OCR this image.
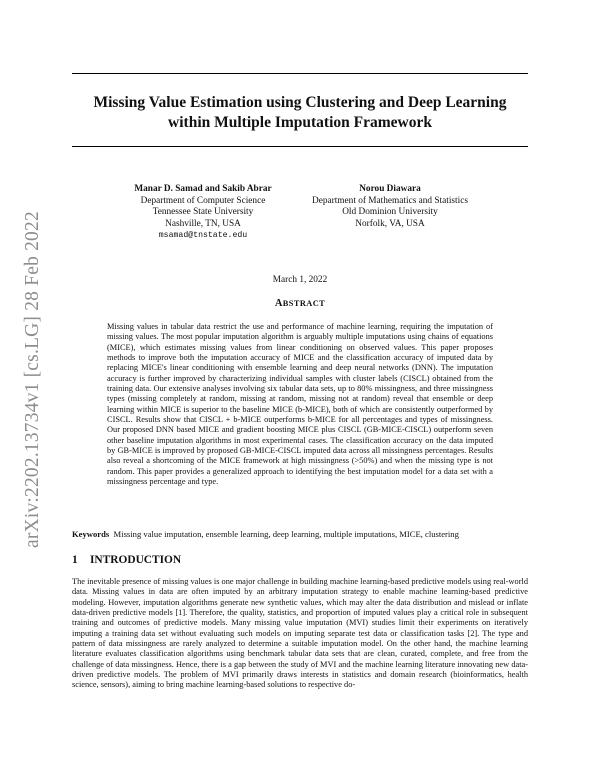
Missing Value Estimation using Clustering and Deep Learning
within Multiple Imputation Framework
arXiv:2202.13734v1 [cs.LG] 28 Feb 2022
Manar D. Samad and Sakib Abrar
Department of Computer Science
Tennessee State University
Nashville, TN, USA
msamad@tnstate.edu
Norou Diawara
Department of Mathematics and Statistics
Old Dominion University
Norfolk, VA, USA
March 1, 2022
ABSTRACT
Missing values in tabular data restrict the use and performance of machine learning, requiring the imputation of missing values. The most popular imputation algorithm is arguably multiple imputations using chains of equations (MICE), which estimates missing values from linear conditioning on observed values. This paper proposes methods to improve both the imputation accuracy of MICE and the classification accuracy of imputed data by replacing MICE's linear conditioning with ensemble learning and deep neural networks (DNN). The imputation accuracy is further improved by characterizing individual samples with cluster labels (CISCL) obtained from the training data. Our extensive analyses involving six tabular data sets, up to 80% missingness, and three missingness types (missing completely at random, missing at random, missing not at random) reveal that ensemble or deep learning within MICE is superior to the baseline MICE (b-MICE), both of which are consistently outperformed by CISCL. Results show that CISCL + b-MICE outperforms b-MICE for all percentages and types of missingness. Our proposed DNN based MICE and gradient boosting MICE plus CISCL (GB-MICE-CISCL) outperform seven other baseline imputation algorithms in most experimental cases. The classification accuracy on the data imputed by GB-MICE is improved by proposed GB-MICE-CISCL imputed data across all missingness percentages. Results also reveal a shortcoming of the MICE framework at high missingness (>50%) and when the missing type is not random. This paper provides a generalized approach to identifying the best imputation model for a data set with a missingness percentage and type.
Keywords Missing value imputation, ensemble learning, deep learning, multiple imputations, MICE, clustering
1 INTRODUCTION
The inevitable presence of missing values is one major challenge in building machine learning-based predictive models using real-world data. Missing values in data are often imputed by an arbitrary imputation strategy to enable machine learning-based predictive modeling. However, imputation algorithms generate new synthetic values, which may alter the data distribution and mislead or inflate data-driven predictive models [1]. Therefore, the quality, statistics, and proportion of imputed values play a critical role in subsequent training and outcomes of predictive models. Many missing value imputation (MVI) studies limit their experiments on iteratively imputing a training data set without evaluating such models on imputing separate test data or classification tasks [2]. The type and pattern of data missingness are rarely analyzed to determine a suitable imputation model. On the other hand, the machine learning literature evaluates classification algorithms using benchmark tabular data sets that are clean, curated, complete, and free from the challenge of data missingness. Hence, there is a gap between the study of MVI and the machine learning literature innovating new data-driven predictive models. The problem of MVI primarily draws interests in statistics and domain research (bioinformatics, health science, sensors), aiming to bring machine learning-based solutions to respective do-
